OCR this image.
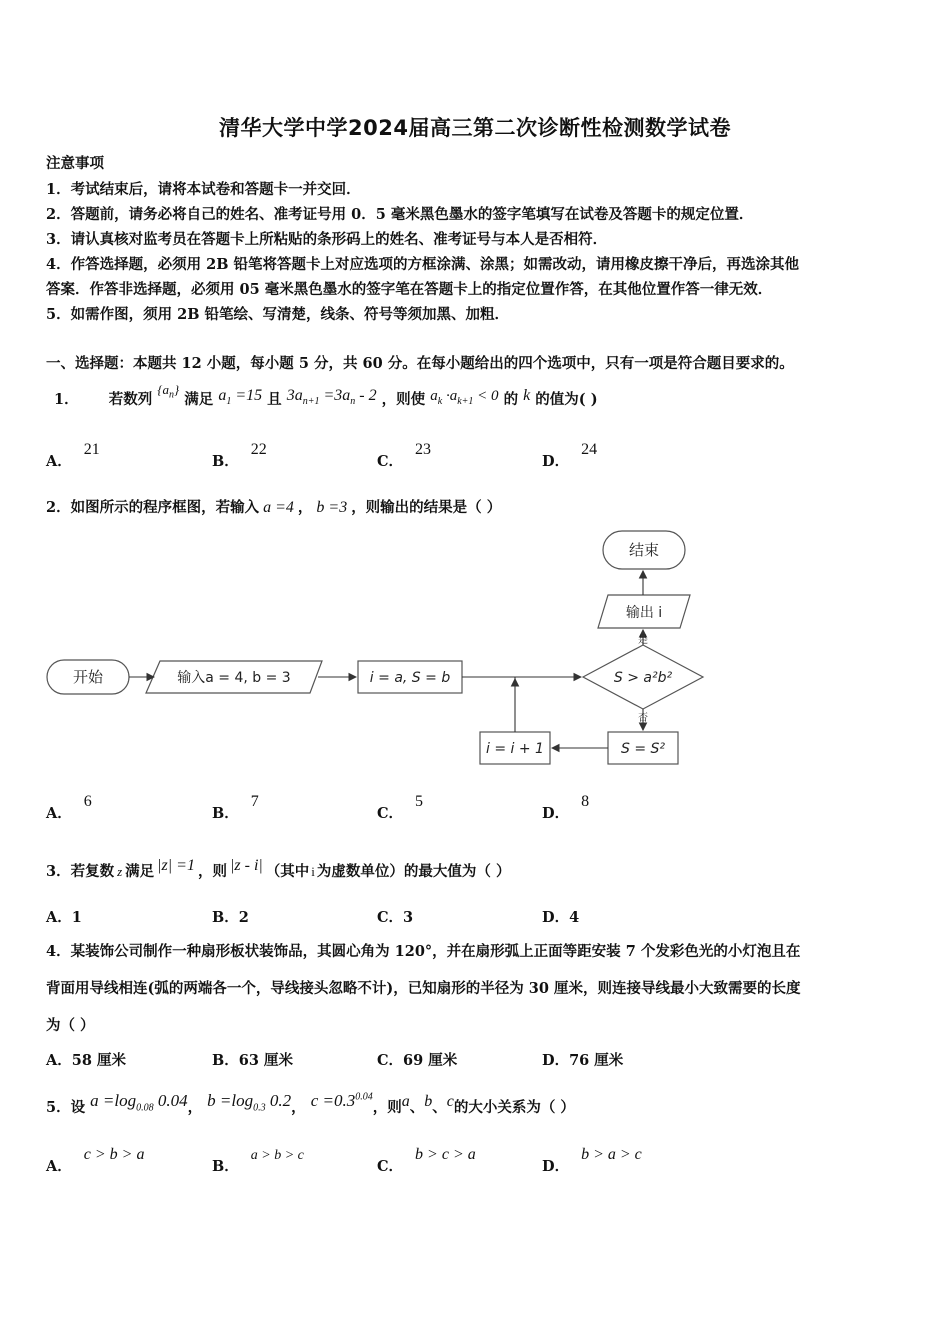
清华大学中学2024届高三第二次诊断性检测数学试卷
注意事项
1．考试结束后，请将本试卷和答题卡一并交回．
2．答题前，请务必将自己的姓名、准考证号用 0．5 毫米黑色墨水的签字笔填写在试卷及答题卡的规定位置．
3．请认真核对监考员在答题卡上所粘贴的条形码上的姓名、准考证号与本人是否相符．
4．作答选择题，必须用 2B 铅笔将答题卡上对应选项的方框涂满、涂黑；如需改动，请用橡皮擦干净后，再选涂其他
答案．作答非选择题，必须用 05 毫米黑色墨水的签字笔在答题卡上的指定位置作答，在其他位置作答一律无效．
5．如需作图，须用 2B 铅笔绘、写清楚，线条、符号等须加黑、加粗．
一、选择题：本题共 12 小题，每小题 5 分，共 60 分。在每小题给出的四个选项中，只有一项是符合题目要求的。
1． 若数列 $\{a_n\}$ 满足 $a_1 =15$ 且 $3a_{n+1} =3a_n - 2$ ，则使 $a_k \cdot a_{k+1} < 0$ 的 k 的值为( )
A．21
B．22
C．23
D．24
2．如图所示的程序框图，若输入 a =4 ， b =3 ，则输出的结果是（ ）
开始	输入a = 4, b = 3	i = a, S = b	S > a²b²
输出 i
结束
S = S²
i = i + 1
是
否
A．6
B．7
C．5
D．8
3．若复数 z 满足 |z| =1 ，则 |z - i| （其中 i 为虚数单位）的最大值为（ ）
A．1	B．2	C．3	D．4
4．某装饰公司制作一种扇形板状装饰品，其圆心角为 120°，并在扇形弧上正面等距安装 7 个发彩色光的小灯泡且在
背面用导线相连(弧的两端各一个，导线接头忽略不计)，已知扇形的半径为 30 厘米，则连接导线最小大致需要的长度
为（ ）
A．58 厘米	B．63 厘米	C．69 厘米	D．76 厘米
5．设 $a =\log_{0.08}$ 0.04， $b =\log_{0.3}$ 0.2， $c =0.3^{0.04}$，则a、b、c的大小关系为（ ）
A．c > b > a
B．a > b > c
C．b > c > a
D．b > a > c
